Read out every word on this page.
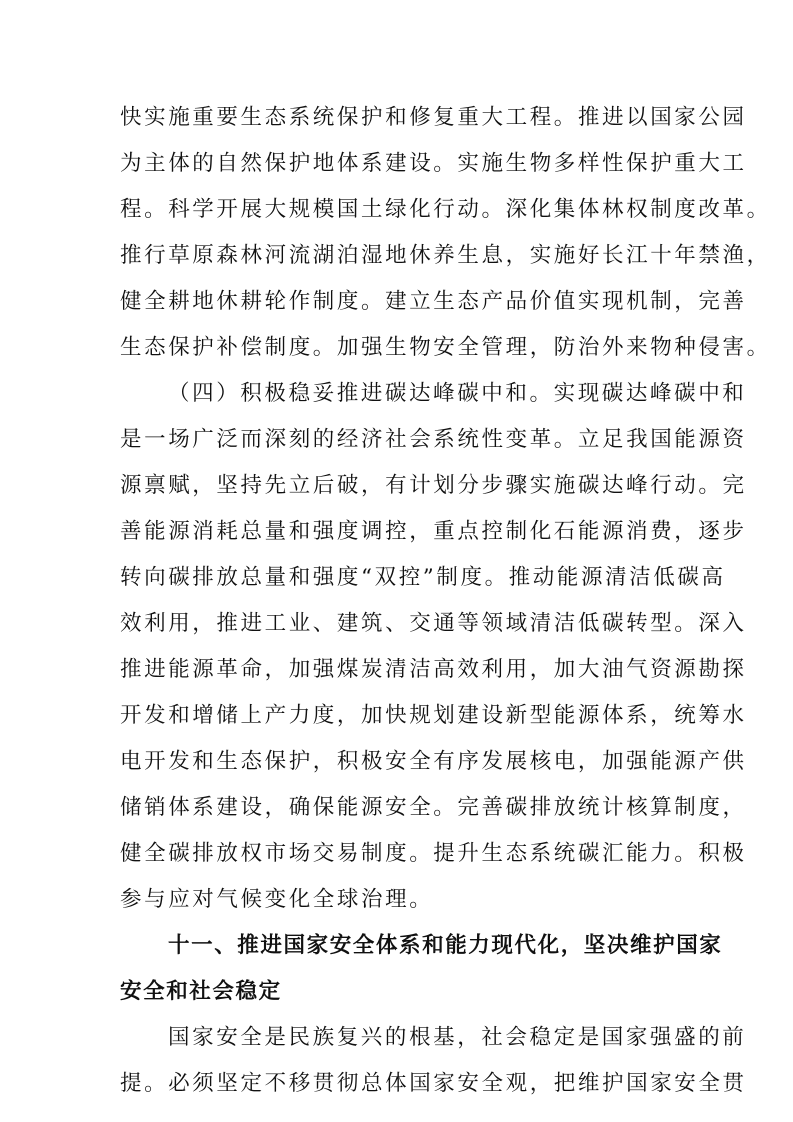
快实施重要生态系统保护和修复重大工程。推进以国家公园
为主体的自然保护地体系建设。实施生物多样性保护重大工
程。科学开展大规模国土绿化行动。深化集体林权制度改革。
推行草原森林河流湖泊湿地休养生息，实施好长江十年禁渔，
健全耕地休耕轮作制度。建立生态产品价值实现机制，完善
生态保护补偿制度。加强生物安全管理，防治外来物种侵害。
（四）积极稳妥推进碳达峰碳中和。实现碳达峰碳中和
是一场广泛而深刻的经济社会系统性变革。立足我国能源资
源禀赋，坚持先立后破，有计划分步骤实施碳达峰行动。完
善能源消耗总量和强度调控，重点控制化石能源消费，逐步
转向碳排放总量和强度“双控”制度。推动能源清洁低碳高
效利用，推进工业、建筑、交通等领域清洁低碳转型。深入
推进能源革命，加强煤炭清洁高效利用，加大油气资源勘探
开发和增储上产力度，加快规划建设新型能源体系，统筹水
电开发和生态保护，积极安全有序发展核电，加强能源产供
储销体系建设，确保能源安全。完善碳排放统计核算制度，
健全碳排放权市场交易制度。提升生态系统碳汇能力。积极
参与应对气候变化全球治理。
十一、推进国家安全体系和能力现代化，坚决维护国家
安全和社会稳定
国家安全是民族复兴的根基，社会稳定是国家强盛的前
提。必须坚定不移贯彻总体国家安全观，把维护国家安全贯
